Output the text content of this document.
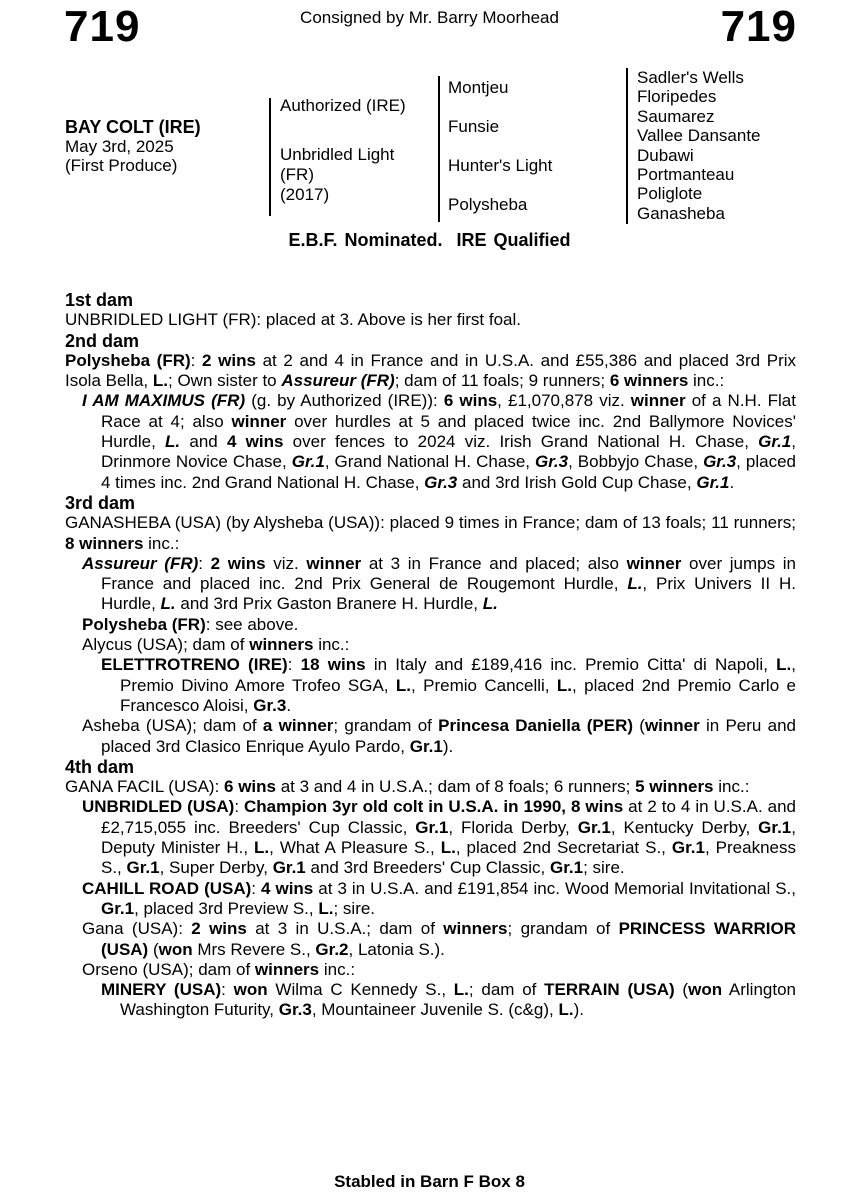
719	Consigned by Mr. Barry Moorhead	719
BAY COLT (IRE)
May 3rd, 2025
(First Produce)
Authorized (IRE)
Unbridled Light
(FR)
(2017)
Montjeu
Funsie
Hunter's Light
Polysheba
Sadler's Wells
Floripedes
Saumarez
Vallee Dansante
Dubawi
Portmanteau
Poliglote
Ganasheba
E.B.F. Nominated. IRE Qualified

1st dam

UNBRIDLED LIGHT (FR): placed at 3. Above is her first foal.

2nd dam

Polysheba (FR): 2 wins at 2 and 4 in France and in U.S.A. and £55,386 and placed 3rd Prix Isola Bella, L.; Own sister to Assureur (FR); dam of 11 foals; 9 runners; 6 winners inc.:

I AM MAXIMUS (FR) (g. by Authorized (IRE)): 6 wins, £1,070,878 viz. winner of a N.H. Flat Race at 4; also winner over hurdles at 5 and placed twice inc. 2nd Ballymore Novices' Hurdle, L. and 4 wins over fences to 2024 viz. Irish Grand National H. Chase, Gr.1, Drinmore Novice Chase, Gr.1, Grand National H. Chase, Gr.3, Bobbyjo Chase, Gr.3, placed 4 times inc. 2nd Grand National H. Chase, Gr.3 and 3rd Irish Gold Cup Chase, Gr.1.

3rd dam

GANASHEBA (USA) (by Alysheba (USA)): placed 9 times in France; dam of 13 foals; 11 runners; 8 winners inc.:

Assureur (FR): 2 wins viz. winner at 3 in France and placed; also winner over jumps in France and placed inc. 2nd Prix General de Rougemont Hurdle, L., Prix Univers II H. Hurdle, L. and 3rd Prix Gaston Branere H. Hurdle, L.

Polysheba (FR): see above.

Alycus (USA); dam of winners inc.:

ELETTROTRENO (IRE): 18 wins in Italy and £189,416 inc. Premio Citta' di Napoli, L., Premio Divino Amore Trofeo SGA, L., Premio Cancelli, L., placed 2nd Premio Carlo e Francesco Aloisi, Gr.3.

Asheba (USA); dam of a winner; grandam of Princesa Daniella (PER) (winner in Peru and placed 3rd Clasico Enrique Ayulo Pardo, Gr.1).

4th dam

GANA FACIL (USA): 6 wins at 3 and 4 in U.S.A.; dam of 8 foals; 6 runners; 5 winners inc.:

UNBRIDLED (USA): Champion 3yr old colt in U.S.A. in 1990, 8 wins at 2 to 4 in U.S.A. and £2,715,055 inc. Breeders' Cup Classic, Gr.1, Florida Derby, Gr.1, Kentucky Derby, Gr.1, Deputy Minister H., L., What A Pleasure S., L., placed 2nd Secretariat S., Gr.1, Preakness S., Gr.1, Super Derby, Gr.1 and 3rd Breeders' Cup Classic, Gr.1; sire.

CAHILL ROAD (USA): 4 wins at 3 in U.S.A. and £191,854 inc. Wood Memorial Invitational S., Gr.1, placed 3rd Preview S., L.; sire.

Gana (USA): 2 wins at 3 in U.S.A.; dam of winners; grandam of PRINCESS WARRIOR (USA) (won Mrs Revere S., Gr.2, Latonia S.).

Orseno (USA); dam of winners inc.:

MINERY (USA): won Wilma C Kennedy S., L.; dam of TERRAIN (USA) (won Arlington Washington Futurity, Gr.3, Mountaineer Juvenile S. (c&g), L.).

Stabled in Barn F Box 8
